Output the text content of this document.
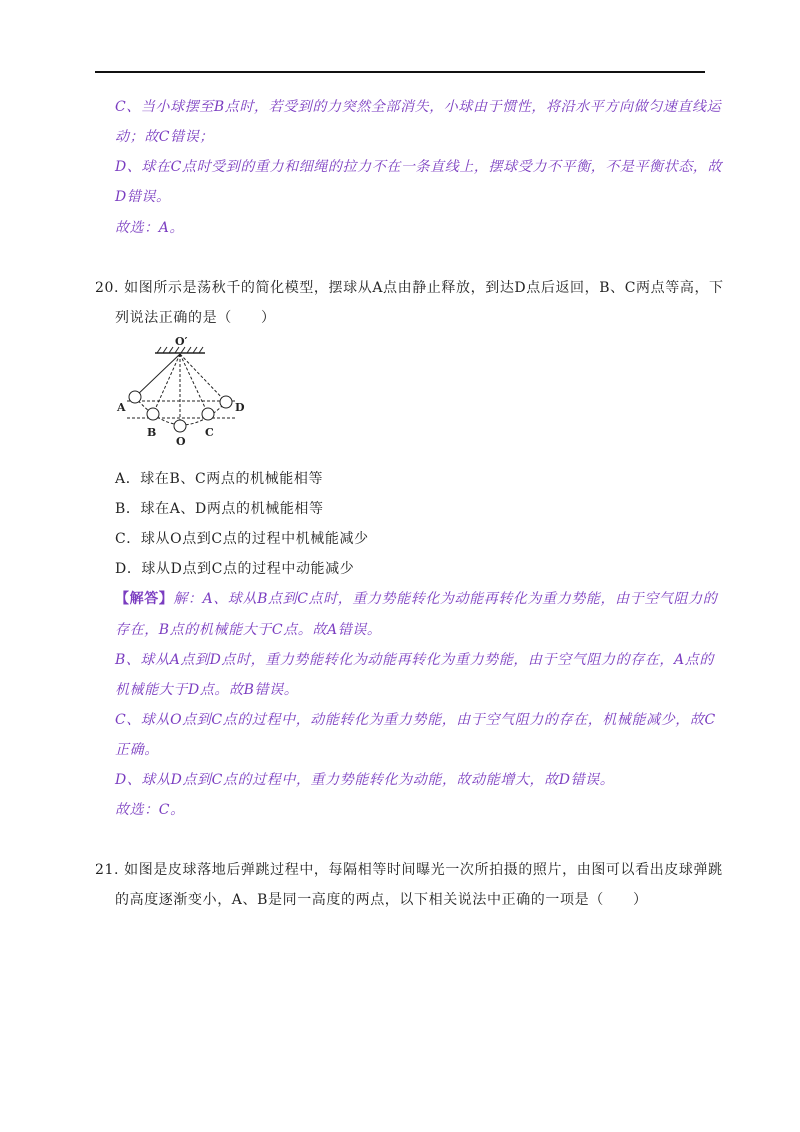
C、当小球摆至B点时，若受到的力突然全部消失，小球由于惯性，将沿水平方向做匀速直线运
动；故C错误；
D、球在C点时受到的重力和细绳的拉力不在一条直线上，摆球受力不平衡，不是平衡状态，故
D错误。
故选：A。
20. 如图所示是荡秋千的简化模型，摆球从A点由静止释放，到达D点后返回，B、C两点等高，下
列说法正确的是（　　）
O′
A
B
O
C
D
A．球在B、C两点的机械能相等
B．球在A、D两点的机械能相等
C．球从O点到C点的过程中机械能减少
D．球从D点到C点的过程中动能减少
【解答】解：A、球从B点到C点时，重力势能转化为动能再转化为重力势能，由于空气阻力的
存在，B点的机械能大于C点。故A错误。
B、球从A点到D点时，重力势能转化为动能再转化为重力势能，由于空气阻力的存在，A点的
机械能大于D点。故B错误。
C、球从O点到C点的过程中，动能转化为重力势能，由于空气阻力的存在，机械能减少，故C
正确。
D、球从D点到C点的过程中，重力势能转化为动能，故动能增大，故D错误。
故选：C。
21. 如图是皮球落地后弹跳过程中，每隔相等时间曝光一次所拍摄的照片，由图可以看出皮球弹跳
的高度逐渐变小，A、B是同一高度的两点，以下相关说法中正确的一项是（　　）
